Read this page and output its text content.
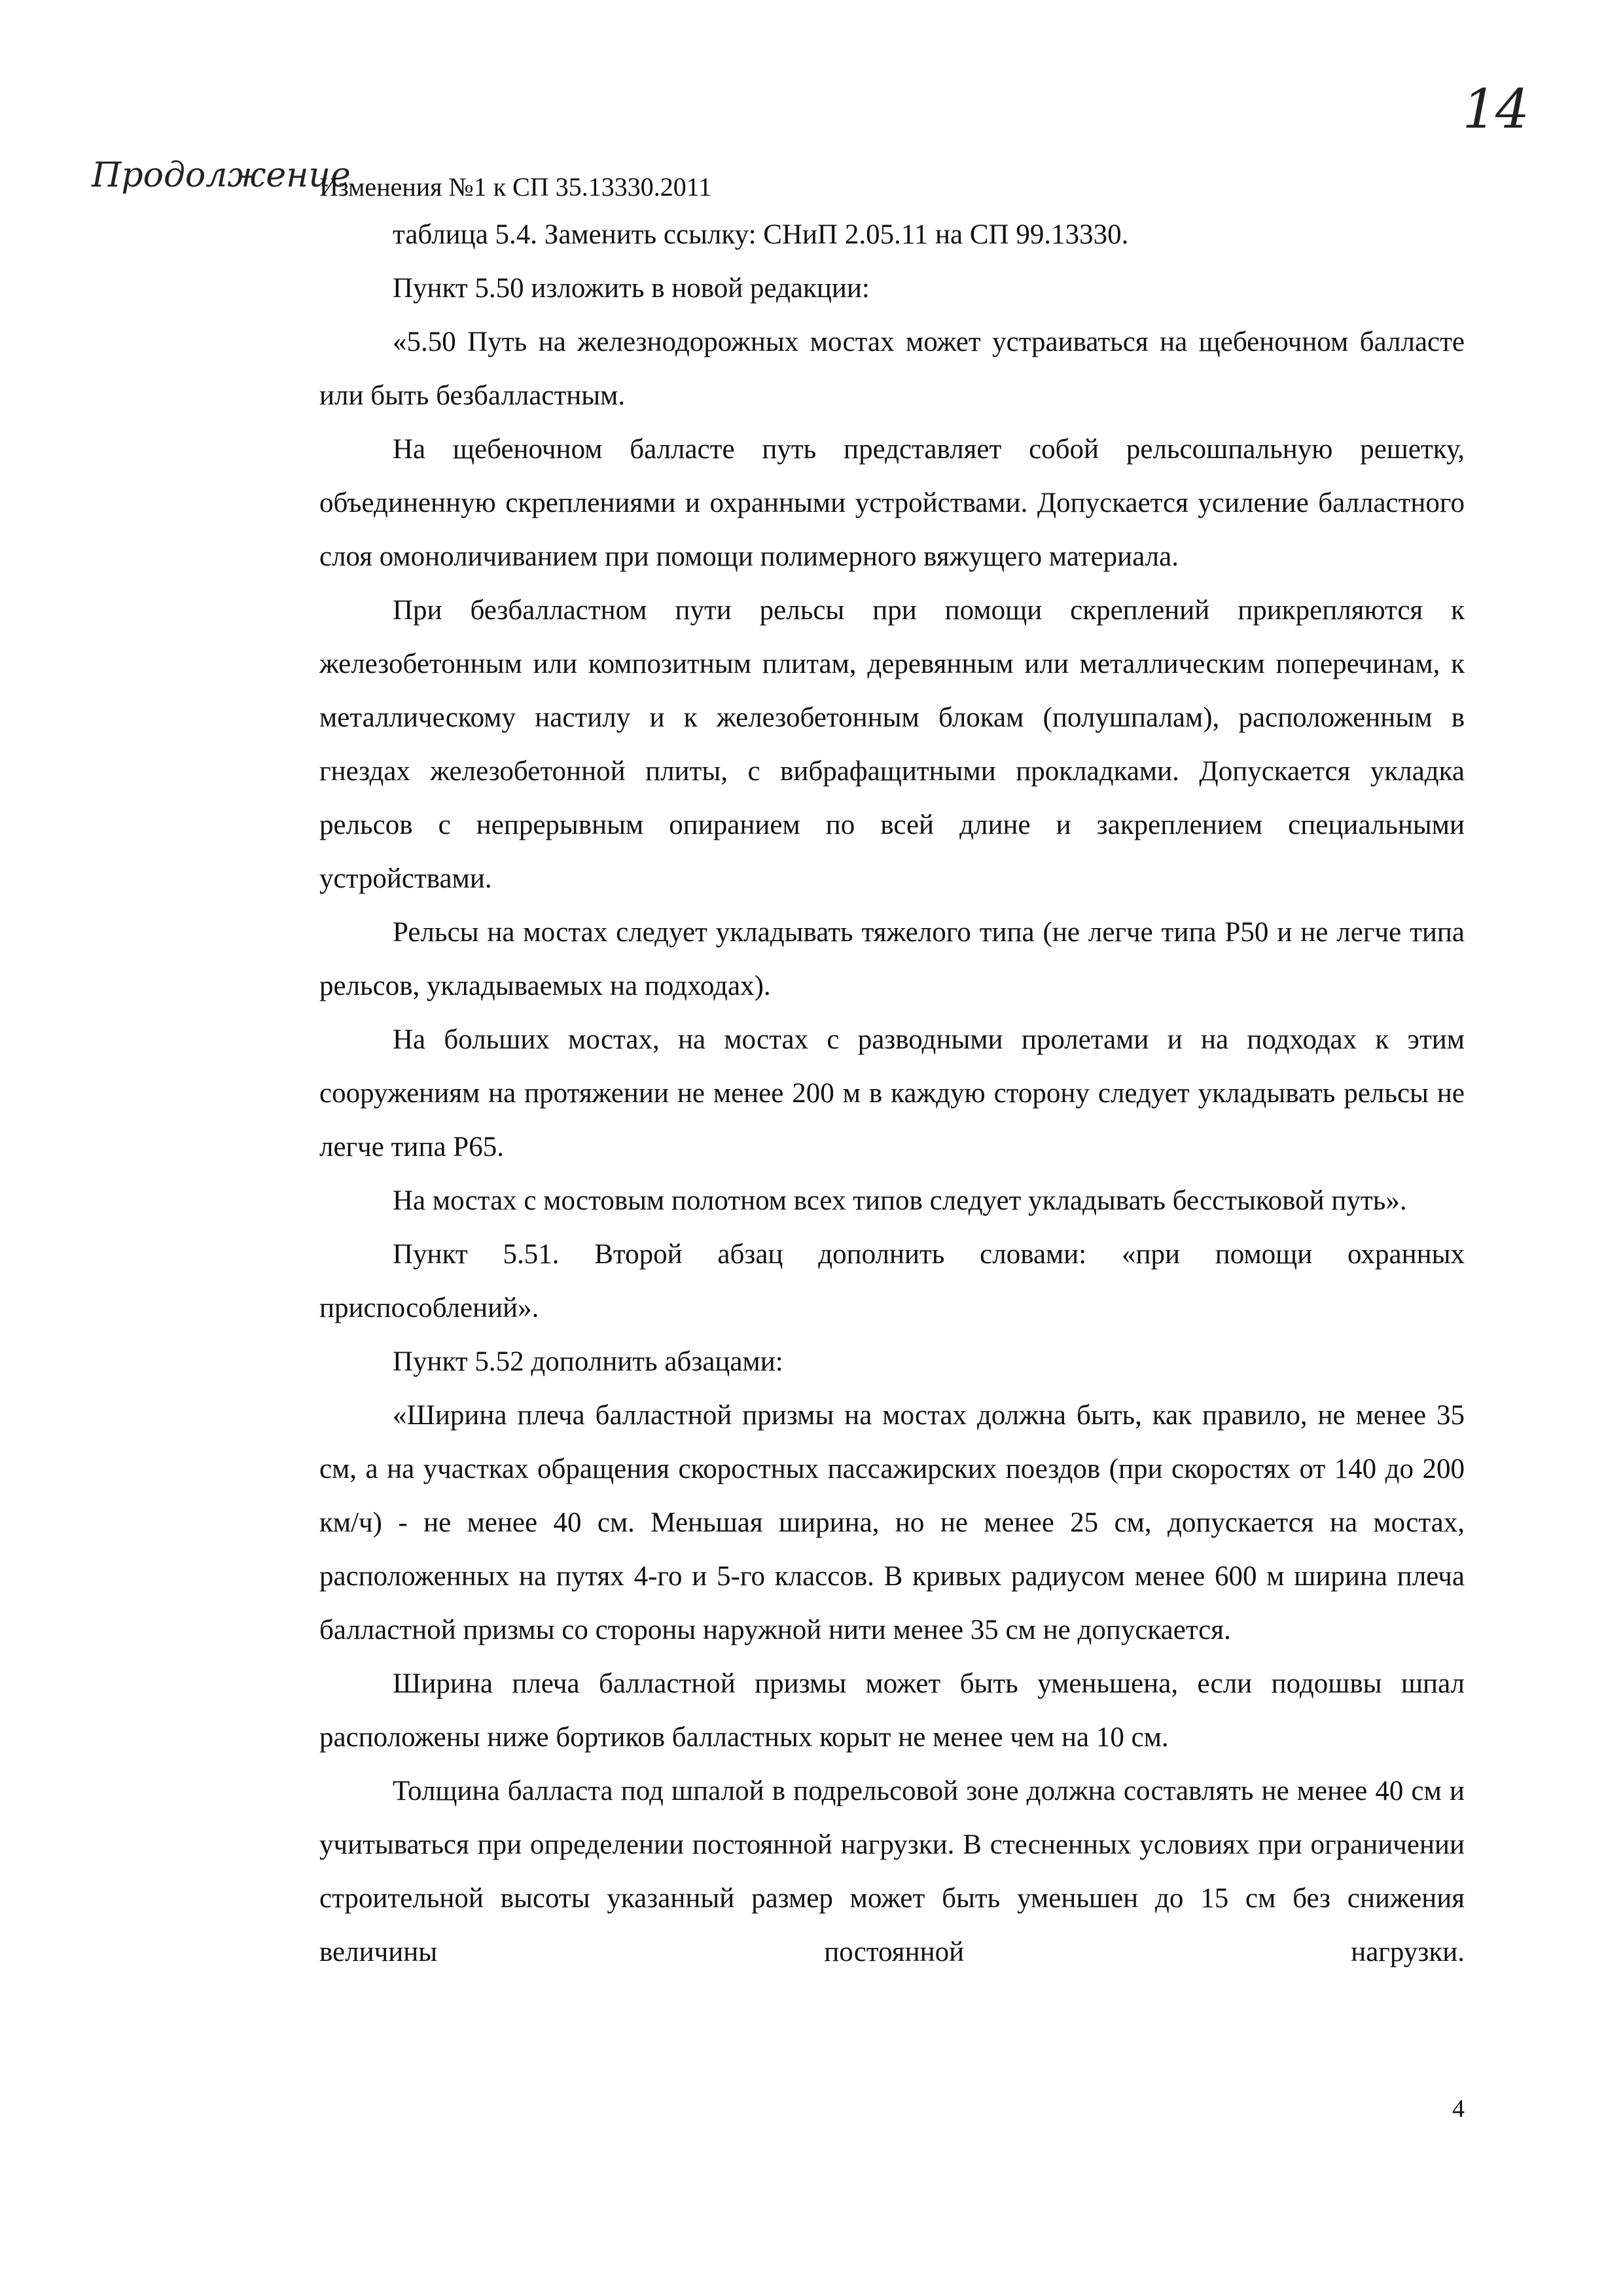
14
Продолжение
Изменения №1 к СП 35.13330.2011

таблица 5.4. Заменить ссылку: СНиП 2.05.11 на СП 99.13330.

Пункт 5.50 изложить в новой редакции:

«5.50 Путь на железнодорожных мостах может устраиваться на щебеночном балласте или быть безбалластным.

На щебеночном балласте путь представляет собой рельсошпальную решетку, объединенную скреплениями и охранными устройствами. Допускается усиление балластного слоя омоноличиванием при помощи полимерного вяжущего материала.

При безбалластном пути рельсы при помощи скреплений прикрепляются к железобетонным или композитным плитам, деревянным или металлическим поперечинам, к металлическому настилу и к железобетонным блокам (полушпалам), расположенным в гнездах железобетонной плиты, с вибрафащитными прокладками. Допускается укладка рельсов с непрерывным опиранием по всей длине и закреплением специальными устройствами.

Рельсы на мостах следует укладывать тяжелого типа (не легче типа Р50 и не легче типа рельсов, укладываемых на подходах).

На больших мостах, на мостах с разводными пролетами и на подходах к этим сооружениям на протяжении не менее 200 м в каждую сторону следует укладывать рельсы не легче типа Р65.

На мостах с мостовым полотном всех типов следует укладывать бесстыковой путь».

Пункт 5.51. Второй абзац дополнить словами: «при помощи охранных приспособлений».

Пункт 5.52 дополнить абзацами:

«Ширина плеча балластной призмы на мостах должна быть, как правило, не менее 35 см, а на участках обращения скоростных пассажирских поездов (при скоростях от 140 до 200 км/ч) - не менее 40 см. Меньшая ширина, но не менее 25 см, допускается на мостах, расположенных на путях 4-го и 5-го классов. В кривых радиусом менее 600 м ширина плеча балластной призмы со стороны наружной нити менее 35 см не допускается.

Ширина плеча балластной призмы может быть уменьшена, если подошвы шпал расположены ниже бортиков балластных корыт не менее чем на 10 см.

Толщина балласта под шпалой в подрельсовой зоне должна составлять не менее 40 см и учитываться при определении постоянной нагрузки. В стесненных условиях при ограничении строительной высоты указанный размер может быть уменьшен до 15 см без снижения величины постоянной нагрузки.

4
